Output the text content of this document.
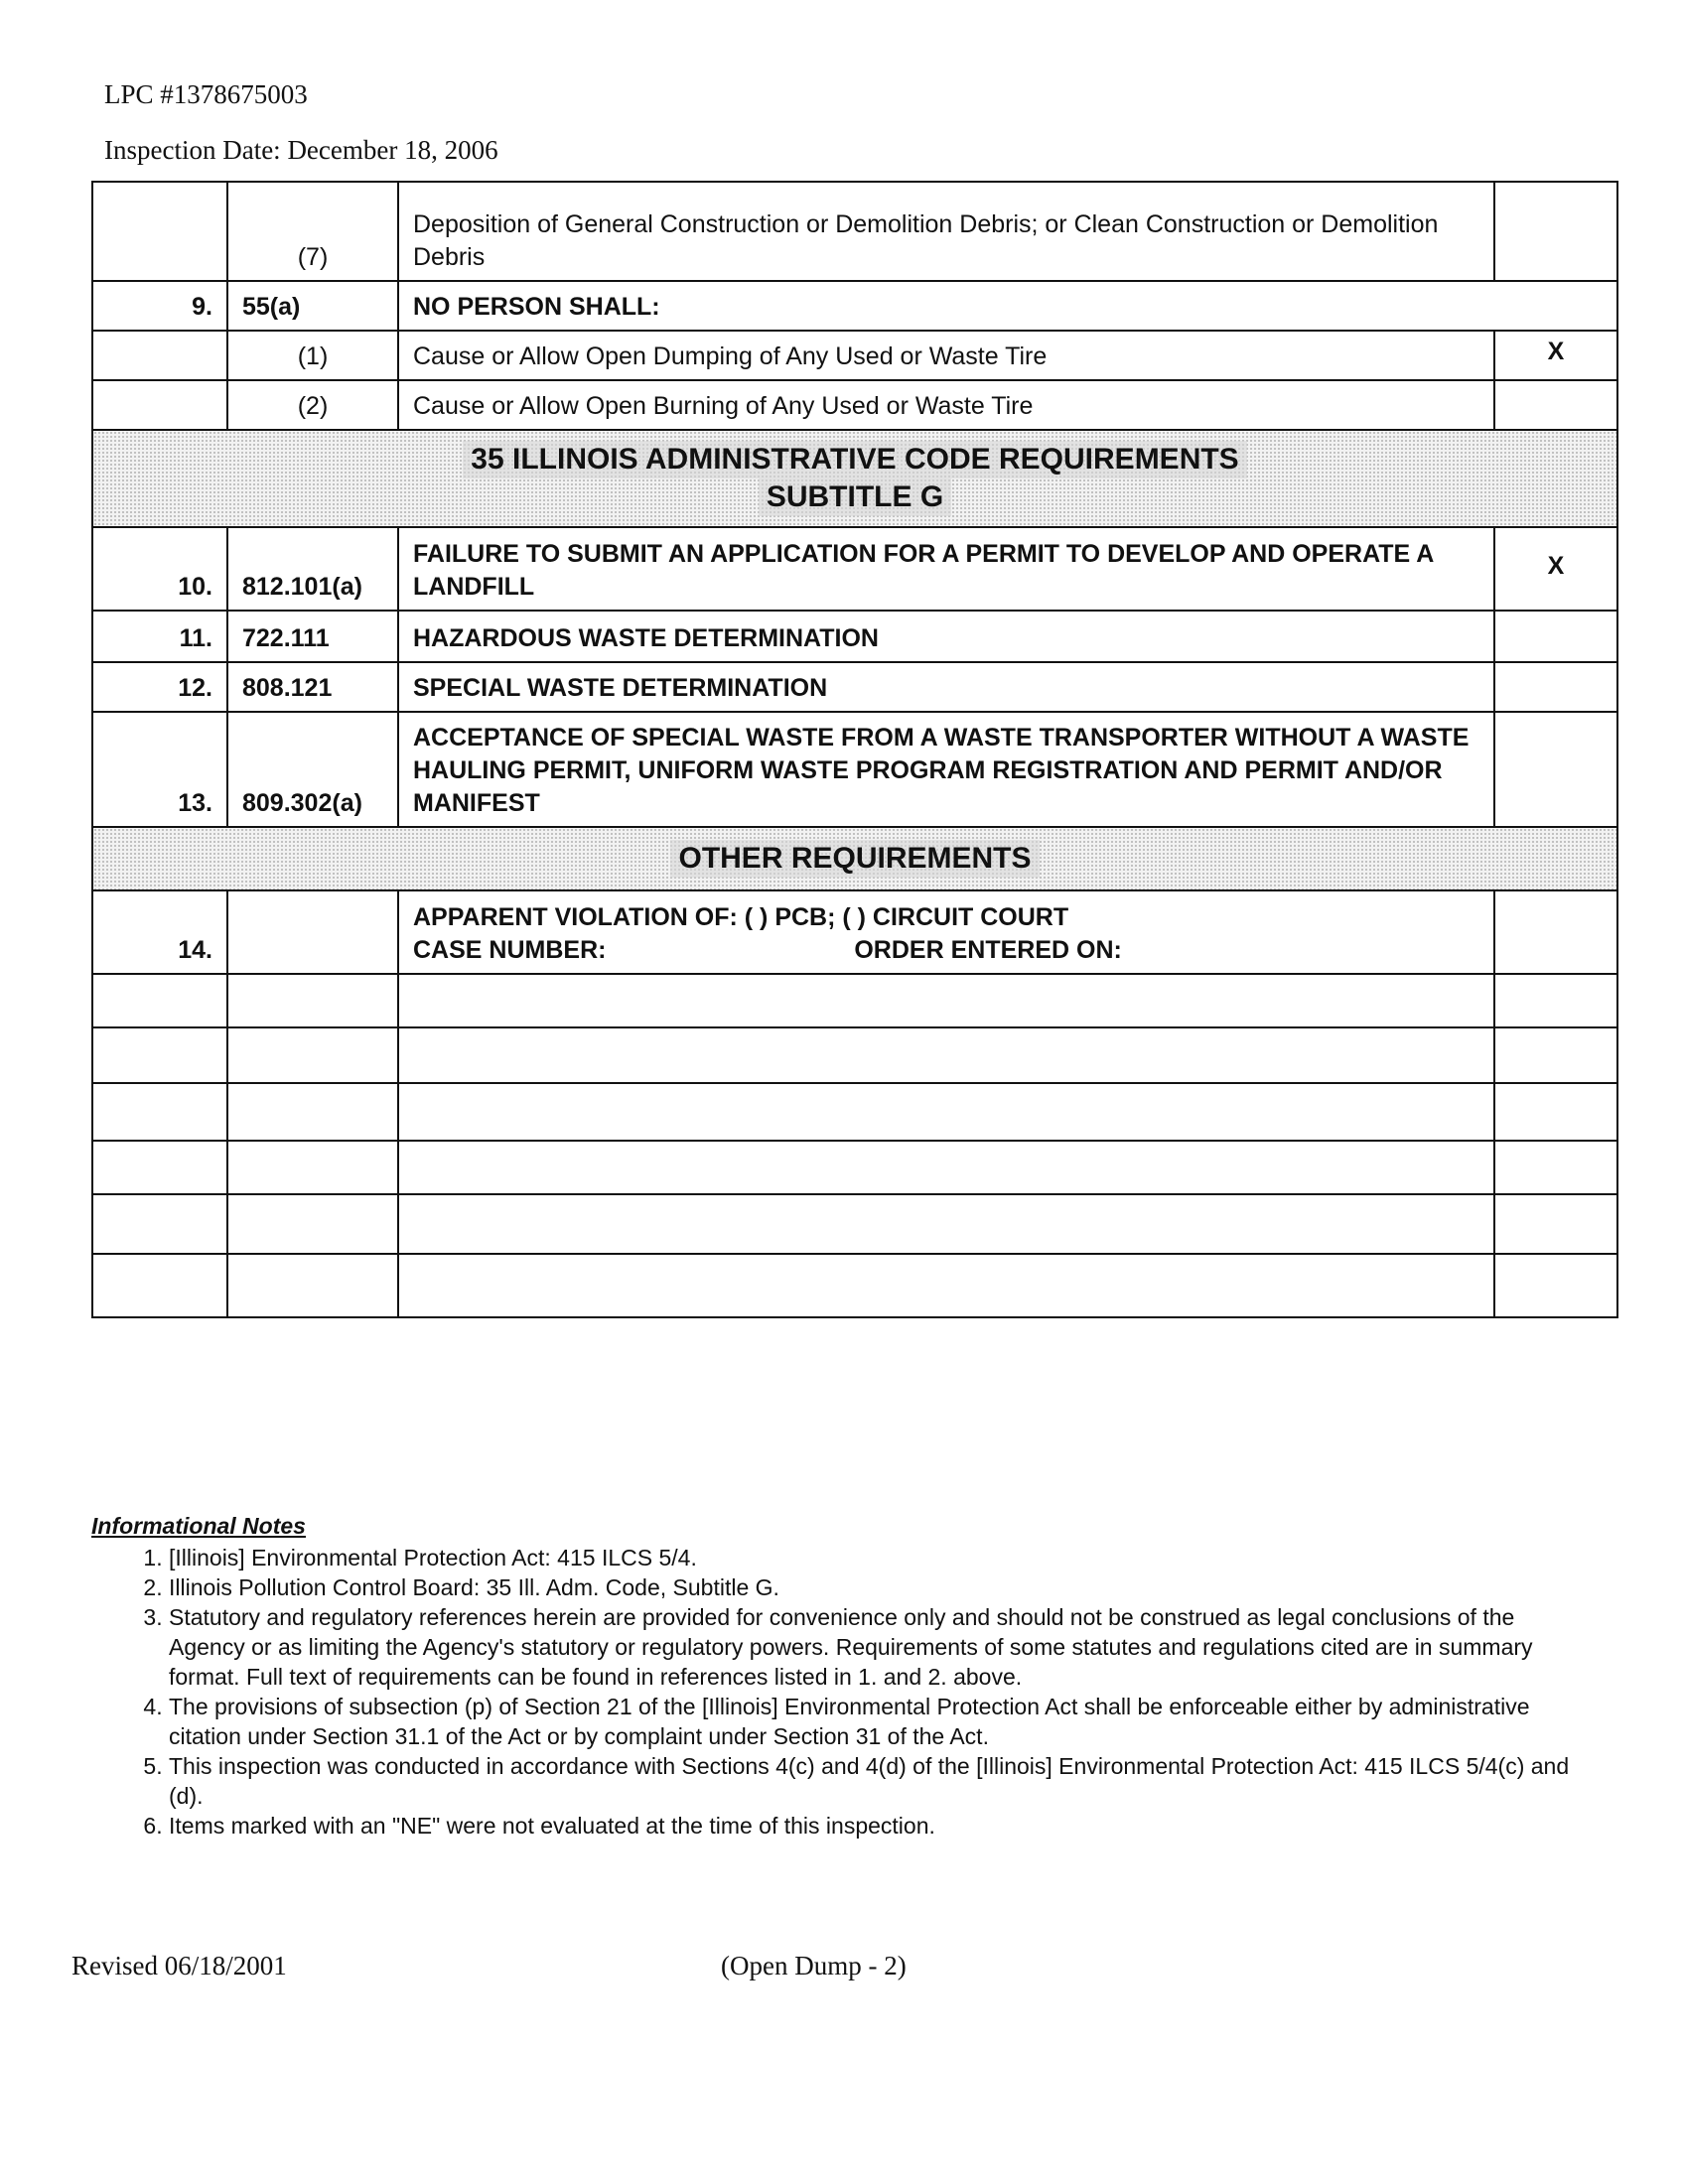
LPC #1378675003
Inspection Date: December 18, 2006
	(7)	Deposition of General Construction or Demolition Debris; or Clean Construction or Demolition Debris	
9.	55(a)	NO PERSON SHALL:	
	(1)	Cause or Allow Open Dumping of Any Used or Waste Tire	X
	(2)	Cause or Allow Open Burning of Any Used or Waste Tire	
35 ILLINOIS ADMINISTRATIVE CODE REQUIREMENTS
SUBTITLE G			
10.	812.101(a)	FAILURE TO SUBMIT AN APPLICATION FOR A PERMIT TO DEVELOP AND OPERATE A LANDFILL	X
11.	722.111	HAZARDOUS WASTE DETERMINATION	
12.	808.121	SPECIAL WASTE DETERMINATION	
13.	809.302(a)	ACCEPTANCE OF SPECIAL WASTE FROM A WASTE TRANSPORTER WITHOUT A WASTE HAULING PERMIT, UNIFORM WASTE PROGRAM REGISTRATION AND PERMIT AND/OR MANIFEST	
OTHER REQUIREMENTS			
14.		APPARENT VIOLATION OF: ( ) PCB; ( ) CIRCUIT COURT
CASE NUMBER: ORDER ENTERED ON:	

Informational Notes
1. [Illinois] Environmental Protection Act: 415 ILCS 5/4.
2. Illinois Pollution Control Board: 35 Ill. Adm. Code, Subtitle G.
3. Statutory and regulatory references herein are provided for convenience only and should not be construed as legal conclusions of the Agency or as limiting the Agency's statutory or regulatory powers. Requirements of some statutes and regulations cited are in summary format. Full text of requirements can be found in references listed in 1. and 2. above.
4. The provisions of subsection (p) of Section 21 of the [Illinois] Environmental Protection Act shall be enforceable either by administrative citation under Section 31.1 of the Act or by complaint under Section 31 of the Act.
5. This inspection was conducted in accordance with Sections 4(c) and 4(d) of the [Illinois] Environmental Protection Act: 415 ILCS 5/4(c) and (d).
6. Items marked with an "NE" were not evaluated at the time of this inspection.
Revised 06/18/2001	(Open Dump - 2)
